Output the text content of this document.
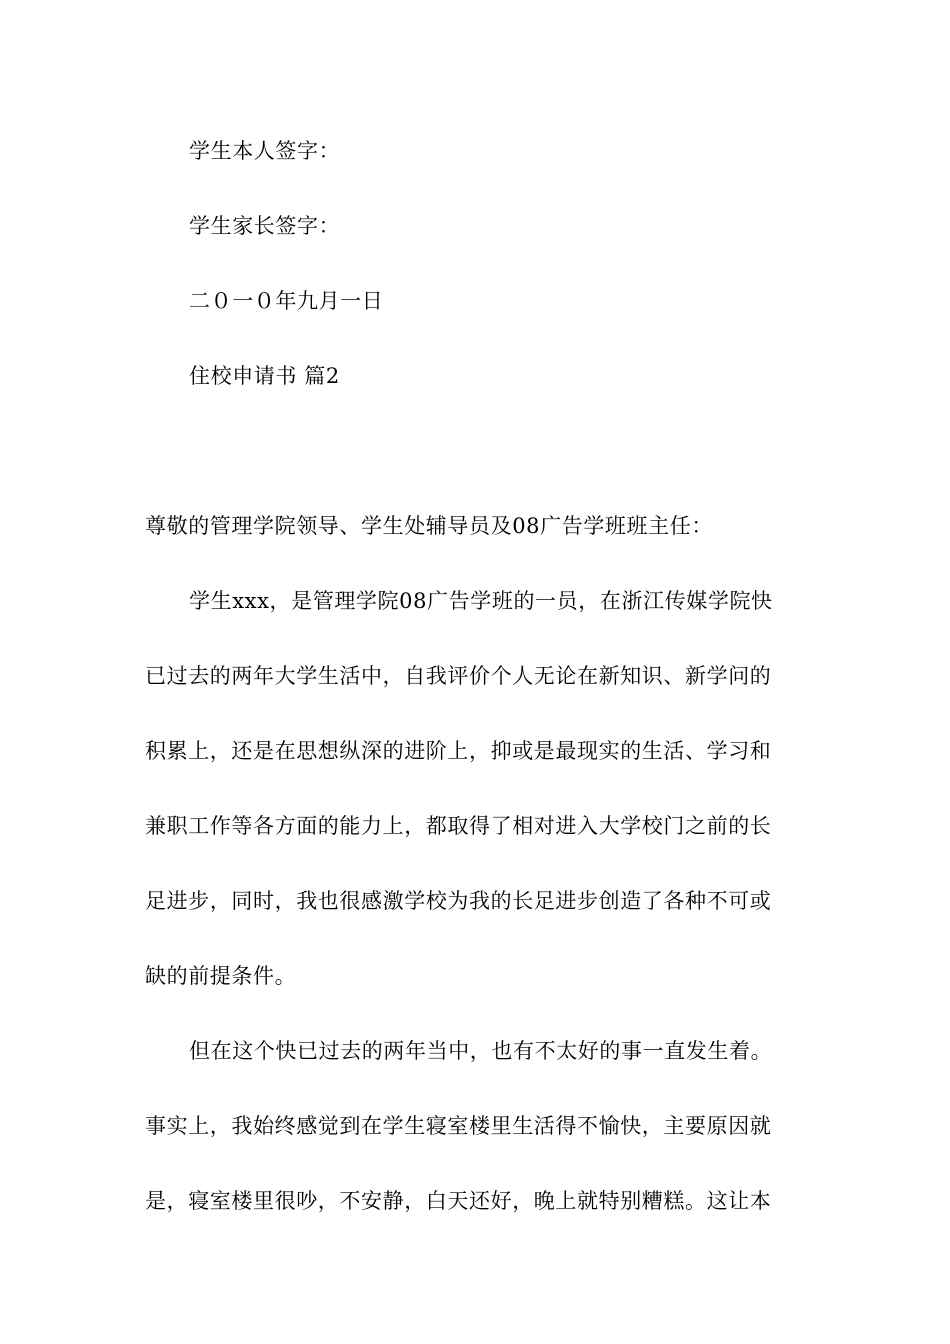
学生本人签字：
学生家长签字：
二０一０年九月一日
住校申请书 篇2
尊敬的管理学院领导、学生处辅导员及08广告学班班主任：
学生xxx，是管理学院08广告学班的一员，在浙江传媒学院快
已过去的两年大学生活中，自我评价个人无论在新知识、新学问的
积累上，还是在思想纵深的进阶上，抑或是最现实的生活、学习和
兼职工作等各方面的能力上，都取得了相对进入大学校门之前的长
足进步，同时，我也很感激学校为我的长足进步创造了各种不可或
缺的前提条件。
但在这个快已过去的两年当中，也有不太好的事一直发生着。
事实上，我始终感觉到在学生寝室楼里生活得不愉快，主要原因就
是，寝室楼里很吵，不安静，白天还好，晚上就特别糟糕。这让本
